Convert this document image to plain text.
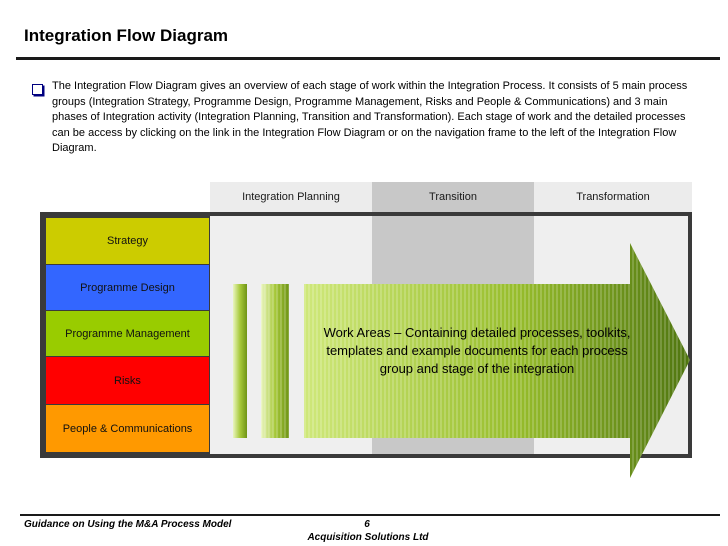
Integration Flow Diagram
The Integration Flow Diagram gives an overview of each stage of work within the Integration Process. It consists of 5 main process groups (Integration Strategy, Programme Design, Programme Management, Risks and People & Communications) and 3 main phases of Integration activity (Integration Planning, Transition and Transformation). Each stage of work and the detailed processes can be access by clicking on the link in the Integration Flow Diagram or on the navigation frame to the left of the Integration Flow Diagram.
Integration Planning	Transition	Transformation
Strategy
Programme Design
Programme Management
Risks
People & Communications
Work Areas – Containing detailed processes, toolkits, templates and example documents for each process group and stage of the integration
Guidance on Using the M&A Process Model	6
Acquisition Solutions Ltd
